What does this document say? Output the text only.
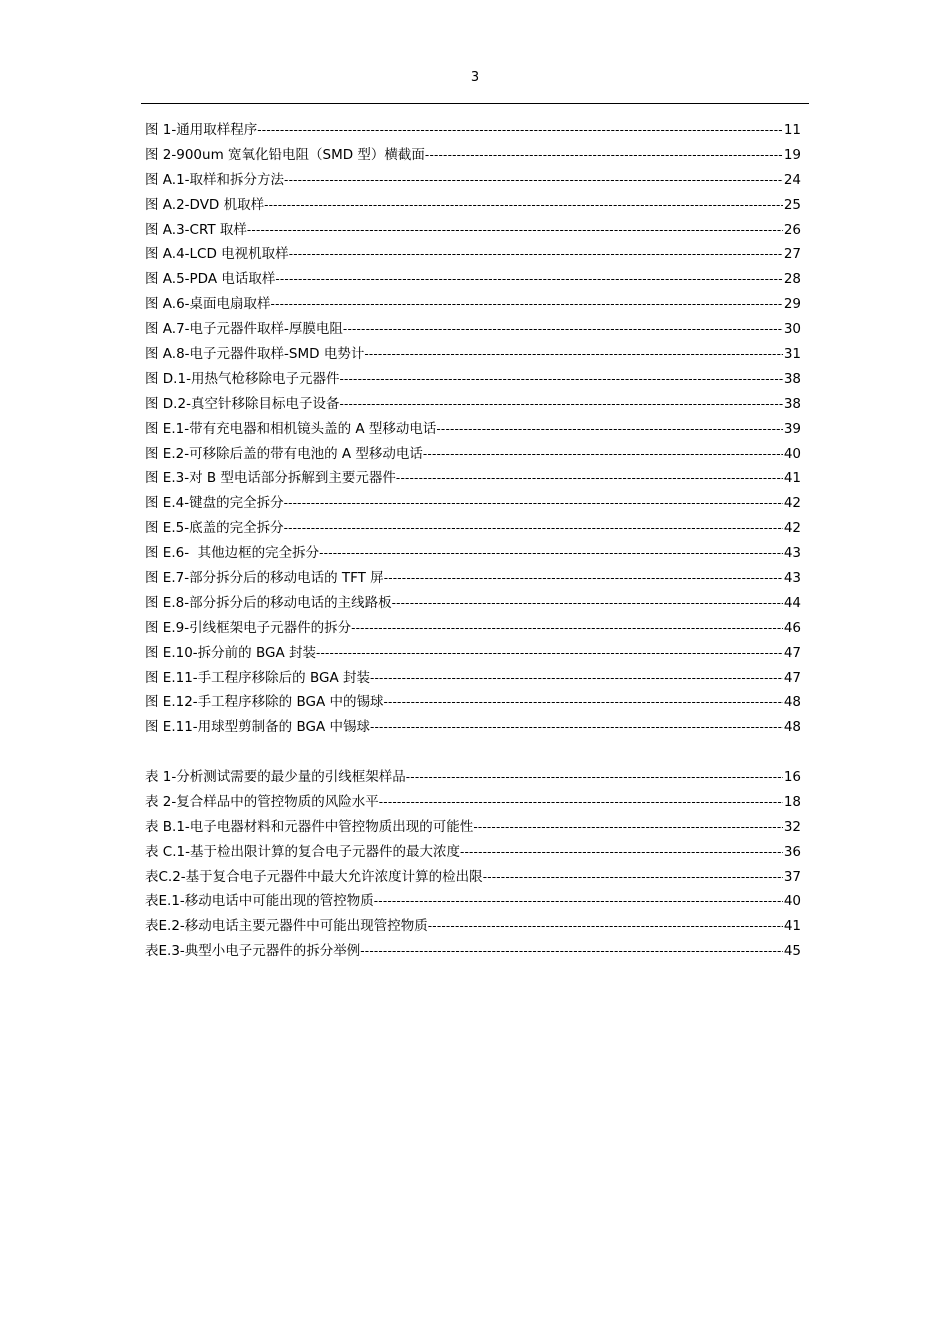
3
图 1-通用取样程序 -----	11
图 2-900um 宽氧化铅电阻（SMD 型）横截面 -----	19
图 A.1-取样和拆分方法 -----	24
图 A.2-DVD 机取样 -----	25
图 A.3-CRT 取样 -----	26
图 A.4-LCD 电视机取样 -----	27
图 A.5-PDA 电话取样 -----	28
图 A.6-桌面电扇取样 -----	29
图 A.7-电子元器件取样-厚膜电阻 -----	30
图 A.8-电子元器件取样-SMD 电势计 -----	31
图 D.1-用热气枪移除电子元器件 -----	38
图 D.2-真空针移除目标电子设备 -----	38
图 E.1-带有充电器和相机镜头盖的 A 型移动电话 -----	39
图 E.2-可移除后盖的带有电池的 A 型移动电话 -----	40
图 E.3-对 B 型电话部分拆解到主要元器件 -----	41
图 E.4-键盘的完全拆分 -----	42
图 E.5-底盖的完全拆分 -----	42
图 E.6-  其他边框的完全拆分 -----	43
图 E.7-部分拆分后的移动电话的 TFT 屏 -----	43
图 E.8-部分拆分后的移动电话的主线路板 -----	44
图 E.9-引线框架电子元器件的拆分 -----	46
图 E.10-拆分前的 BGA 封装 -----	47
图 E.11-手工程序移除后的 BGA 封装 -----	47
图 E.12-手工程序移除的 BGA 中的锡球 -----	48
图 E.11-用球型剪制备的 BGA 中锡球 -----	48
表 1-分析测试需要的最少量的引线框架样品 -----	16
表 2-复合样品中的管控物质的风险水平 -----	18
表 B.1-电子电器材料和元器件中管控物质出现的可能性 -----	32
表 C.1-基于检出限计算的复合电子元器件的最大浓度 -----	36
表C.2-基于复合电子元器件中最大允许浓度计算的检出限 -----	37
表E.1-移动电话中可能出现的管控物质 -----	40
表E.2-移动电话主要元器件中可能出现管控物质 -----	41
表E.3-典型小电子元器件的拆分举例 -----	45
